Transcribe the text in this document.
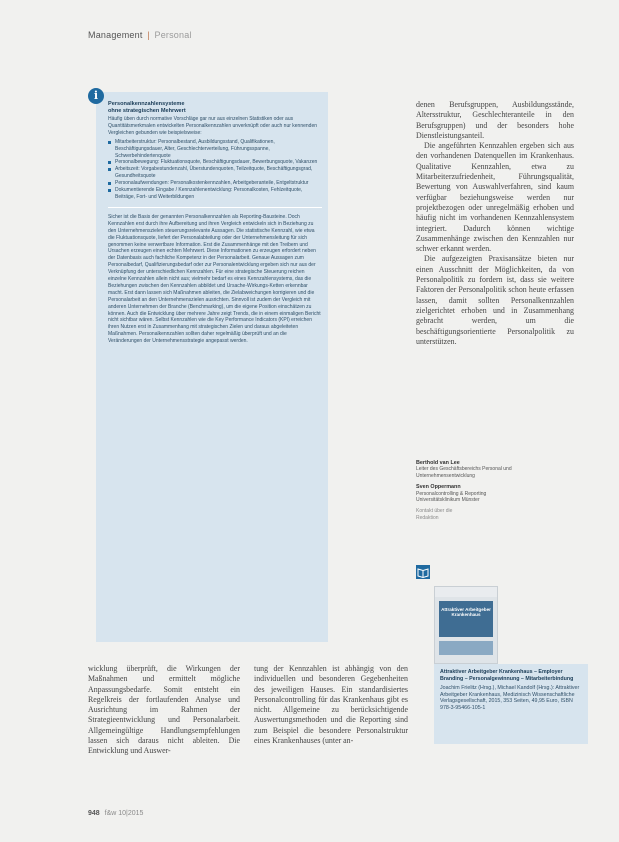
Management | Personal
Personalkennzahlensysteme
ohne strategischen Mehrwert

Häufig üben durch normative Vorschläge gar nur aus einzelnen Statistiken oder aus Quantitätsmerkmalen entwickelten Personalkennzahlen unverknüpft oder auch nur kennenden Vergleichen gebunden wie beispielsweise:

Mitarbeiterstruktur: Personalbestand, Ausbildungsstand, Qualifikationen, Beschäftigungsdauer, Alter, Geschlechterverteilung, Führungsspanne, Schwerbehindertenquote
Personalbewegung: Fluktuationsquote, Beschäftigungsdauer, Bewerbungsquote, Vakanzen
Arbeitszeit: Vorgabestundenzahl, Überstundenquoten, Teilzeitquote, Beschäftigungsgrad, Gesundheitsquote
Personalaufwendungen: Personalkostenkennzahlen, Arbeitgeberanteile, Entgeltstruktur
Dokumentierende Eingabe / Kennzahlenentwicklung: Personalkosten, Fehlzeitquote, Beiträge, Fort- und Weiterbildungen

Sicher ist die Basis der genannten Personalkennzahlen als Reporting-Bausteine. Doch Kennzahlen erst durch ihre Aufbereitung und ihren Vergleich entwickeln sich in Beziehung zu den Unternehmenszielen steuerungsrelevante Aussagen. Die statistische Kennzahl, wie etwa die Fluktuationsquote, liefert der Personalabteilung oder der Unternehmensleitung für sich genommen keine verwertbare Information. Erst die Zusammenhänge mit den Treibern und Ursachen erzeugen einen echten Mehrwert. Diese Informationen zu erzeugen erfordert neben der Datenbasis auch fachliche Kompetenz in der Personalarbeit. Genaue Aussagen zum Personalbedarf, Qualifizierungsbedarf oder zur Personalentwicklung ergeben sich nur aus der Verknüpfung der unterschiedlichen Kennzahlen. Für eine strategische Steuerung reichen einzelne Kennzahlen allein nicht aus; vielmehr bedarf es eines Kennzahlensystems, das die Beziehungen zwischen den Kennzahlen abbildet und Ursache-Wirkungs-Ketten erkennbar macht. Erst dann lassen sich Maßnahmen ableiten, die Zielabweichungen korrigieren und die Personalarbeit an den Unternehmenszielen ausrichten. Sinnvoll ist zudem der Vergleich mit anderen Unternehmen der Branche (Benchmarking), um die eigene Position einschätzen zu können. Auch die Entwicklung über mehrere Jahre zeigt Trends, die in einem einmaligen Bericht nicht sichtbar wären. Selbst Kennzahlen wie die Key Performance Indicators (KPI) erreichen ihren Nutzen erst in Zusammenhang mit strategischen Zielen und daraus abgeleiteten Maßnahmen. Personalkennzahlen sollten daher regelmäßig überprüft und an die Veränderungen der Unternehmensstrategie angepasst werden.

i

denen Berufsgruppen, Ausbildungsstände, Altersstruktur, Geschlechteranteile in den Berufsgruppen) und der besonders hohe Dienstleistungsanteil.

Die angeführten Kennzahlen ergeben sich aus den vorhandenen Datenquellen im Krankenhaus. Qualitative Kennzahlen, etwa zu Mitarbeiterzufriedenheit, Führungsqualität, Bewertung von Auswahlverfahren, sind kaum verfügbar beziehungsweise werden nur projektbezogen oder unregelmäßig erhoben und häufig nicht im vorhandenen Kennzahlensystem integriert. Dadurch können wichtige Zusammenhänge zwischen den Kennzahlen nur schwer erkannt werden.

Die aufgezeigten Praxisansätze bieten nur einen Ausschnitt der Möglichkeiten, da von Personalpolitik zu fordern ist, dass sie weitere Faktoren der Personalpolitik schon heute erfassen lassen, damit sollten Personalkennzahlen zielgerichtet erhoben und in Zusammenhang gebracht werden, um die beschäftigungsorientierte Personalpolitik zu unterstützen.

Berthold van Lee
Leiter des Geschäftsbereichs Personal und
Unternehmensentwicklung
Sven Oppermann
Personalcontrolling & Reporting
Universitätsklinikum Münster
Kontakt über die
Redaktion
Attraktiver Arbeitgeber Krankenhaus
Attraktiver Arbeitgeber Krankenhaus – Employer Branding – Personalgewinnung – Mitarbeiterbindung
Joachim Frielitz (Hrsg.), Michael Kandolf (Hrsg.): Attraktiver Arbeitgeber Krankenhaus, Medizinisch Wissenschaftliche Verlagsgesellschaft, 2015, 353 Seiten, 49,95 Euro, ISBN 978-3-95466-105-1

wicklung überprüft, die Wirkungen der Maßnahmen und ermittelt mögliche Anpassungsbedarfe. Somit entsteht ein Regelkreis der fortlaufenden Analyse und Ausrichtung im Rahmen der Strategieentwicklung und Personalarbeit. Allgemeingültige Handlungsempfehlungen lassen sich daraus nicht ableiten. Die Entwicklung und Auswer-

tung der Kennzahlen ist abhängig von den individuellen und besonderen Gegebenheiten des jeweiligen Hauses. Ein standardisiertes Personalcontrolling für das Krankenhaus gibt es nicht. Allgemeine zu berücksichtigende Auswertungsmethoden und die Reporting sind zum Beispiel die besondere Personalstruktur eines Krankenhauses (unter an-

948 f&w 10|2015
